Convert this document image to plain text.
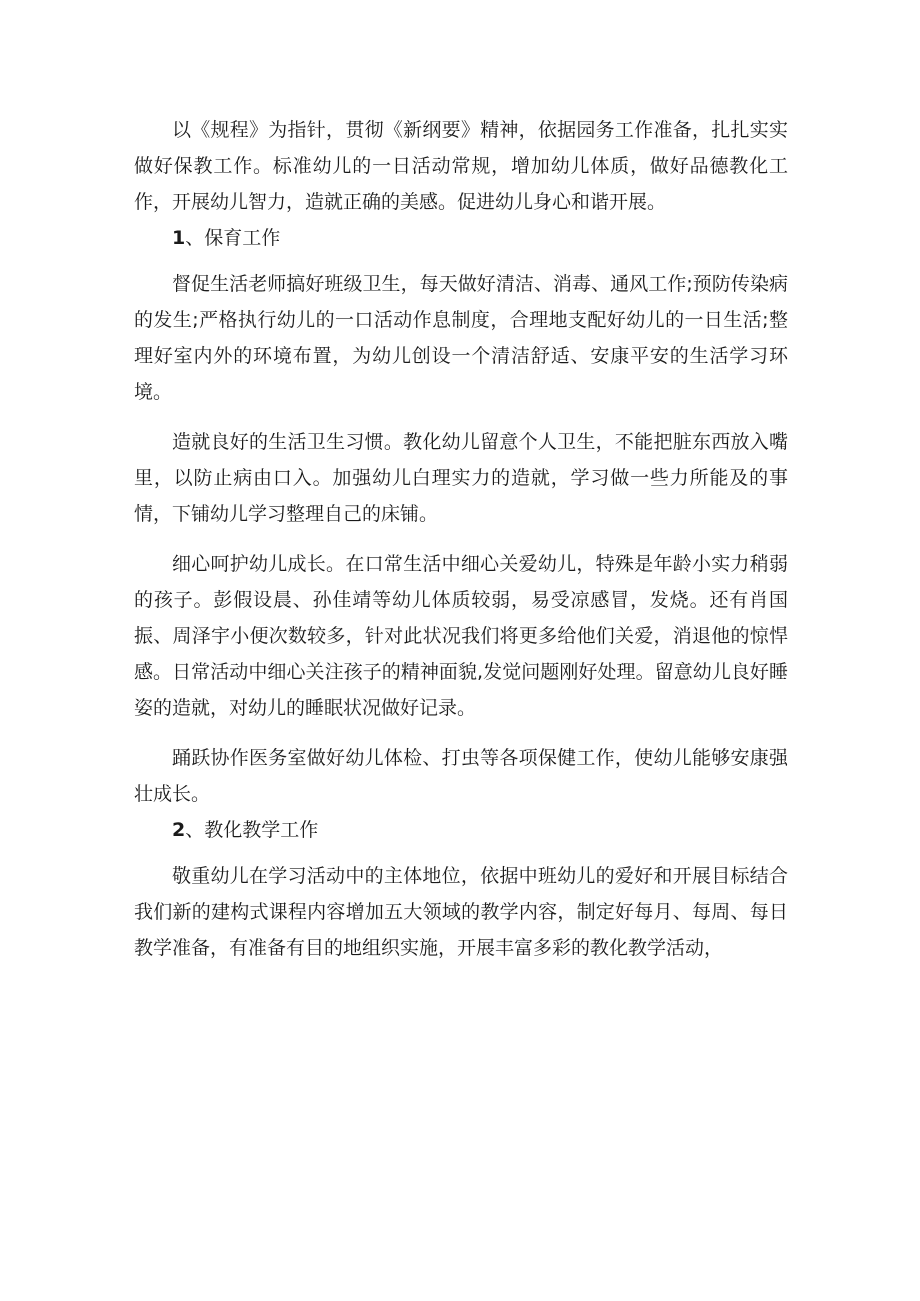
以《规程》为指针，贯彻《新纲要》精神，依据园务工作准备，扎扎实实做好保教工作。标准幼儿的一日活动常规，增加幼儿体质，做好品德教化工作，开展幼儿智力，造就正确的美感。促进幼儿身心和谐开展。

1、保育工作

督促生活老师搞好班级卫生，每天做好清洁、消毒、通风工作;预防传染病的发生;严格执行幼儿的一口活动作息制度，合理地支配好幼儿的一日生活;整理好室内外的环境布置，为幼儿创设一个清洁舒适、安康平安的生活学习环境。

造就良好的生活卫生习惯。教化幼儿留意个人卫生，不能把脏东西放入嘴里，以防止病由口入。加强幼儿白理实力的造就，学习做一些力所能及的事情，下铺幼儿学习整理自己的床铺。

细心呵护幼儿成长。在口常生活中细心关爱幼儿，特殊是年龄小实力稍弱的孩子。彭假设晨、孙佳靖等幼儿体质较弱，易受凉感冒，发烧。还有肖国振、周泽宇小便次数较多，针对此状况我们将更多给他们关爱，消退他的惊悍感。日常活动中细心关注孩子的精神面貌,发觉问题刚好处理。留意幼儿良好睡姿的造就，对幼儿的睡眠状况做好记录。

踊跃协作医务室做好幼儿体检、打虫等各项保健工作，使幼儿能够安康强壮成长。

2、教化教学工作

敬重幼儿在学习活动中的主体地位，依据中班幼儿的爱好和开展目标结合我们新的建构式课程内容增加五大领域的教学内容，制定好每月、每周、每日教学准备，有准备有目的地组织实施，开展丰富多彩的教化教学活动，
